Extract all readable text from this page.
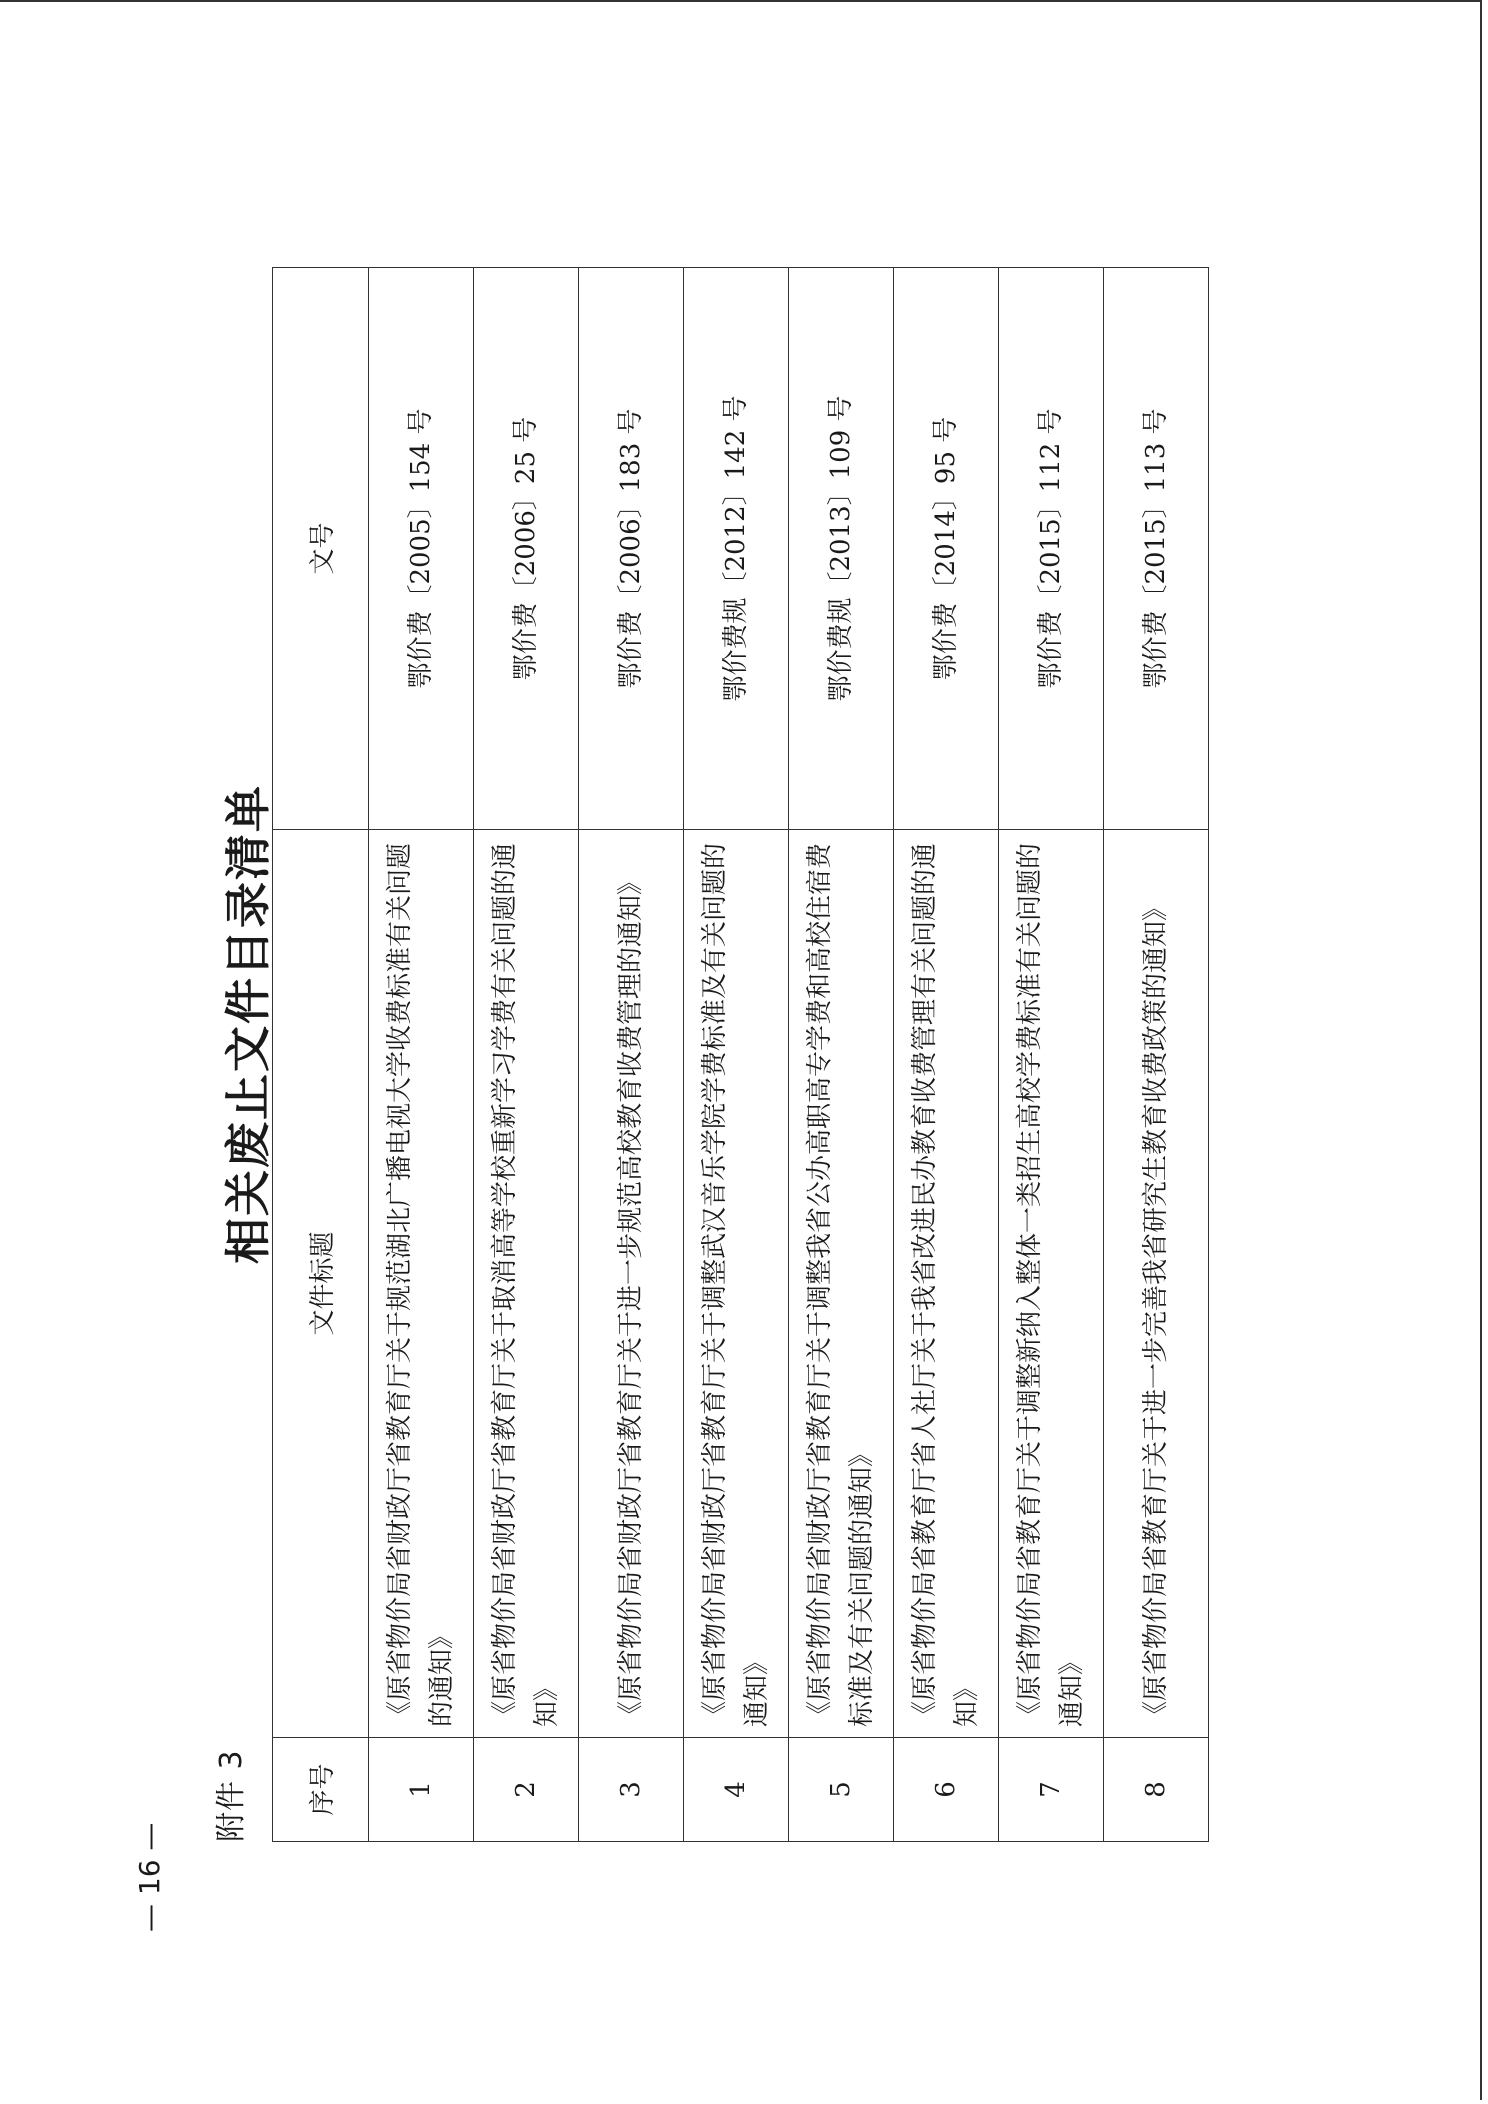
附件 3
相关废止文件目录清单
序号	文件标题	文号
1	《原省物价局省财政厅省教育厅关于规范湖北广播电视大学收费标准有关问题的通知》	鄂价费〔2005〕154 号
2	《原省物价局省财政厅省教育厅关于取消高等学校重新学习学费有关问题的通知》	鄂价费〔2006〕25 号
3	《原省物价局省财政厅省教育厅关于进一步规范高校教育收费管理的通知》	鄂价费〔2006〕183 号
4	《原省物价局省财政厅省教育厅关于调整武汉音乐学院学费标准及有关问题的通知》	鄂价费规〔2012〕142 号
5	《原省物价局省财政厅省教育厅关于调整我省公办高职高专学费和高校住宿费标准及有关问题的通知》	鄂价费规〔2013〕109 号
6	《原省物价局省教育厅省人社厅关于我省改进民办教育收费管理有关问题的通知》	鄂价费〔2014〕95 号
7	《原省物价局省教育厅关于调整新纳入整体一类招生高校学费标准有关问题的通知》	鄂价费〔2015〕112 号
8	《原省物价局省教育厅关于进一步完善我省研究生教育收费政策的通知》	鄂价费〔2015〕113 号
— 16 —
